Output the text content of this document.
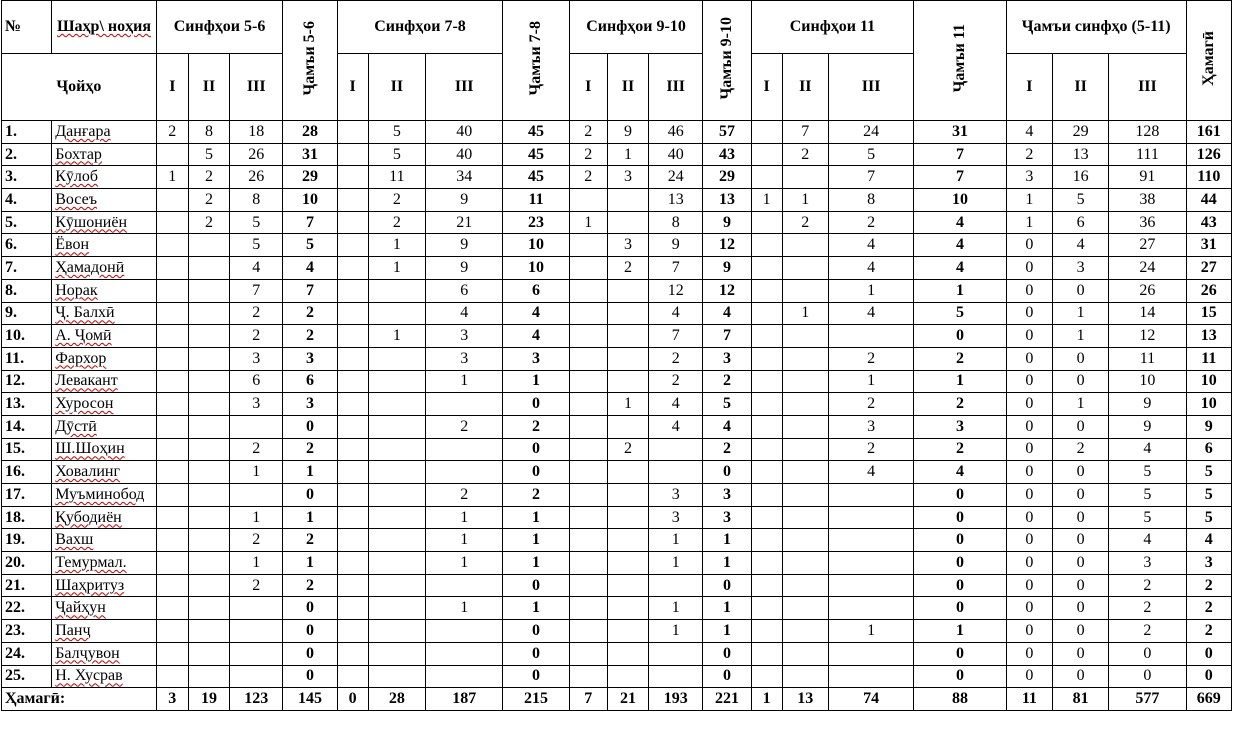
№	Шаҳр\ ноҳия	Синфҳои 5-6			Ҷамъи 5-6	Синфҳои 7-8			Ҷамъи 7-8	Синфҳои 9-10			Ҷамъи 9-10	Синфҳои 11			Ҷамъи 11	Ҷамъи синфҳо (5-11)			Ҳамагӣ
Ҷойҳо		I	II	III		I	II	III		I	II	III		I	II	III		I	II	III	
1.	Данғара	2	8	18	28		5	40	45	2	9	46	57		7	24	31	4	29	128	161
2.	Бохтар		5	26	31		5	40	45	2	1	40	43		2	5	7	2	13	111	126
3.	Кӯлоб	1	2	26	29		11	34	45	2	3	24	29			7	7	3	16	91	110
4.	Восеъ		2	8	10		2	9	11			13	13	1	1	8	10	1	5	38	44
5.	Кӯшониён		2	5	7		2	21	23	1		8	9		2	2	4	1	6	36	43
6.	Ёвон			5	5		1	9	10		3	9	12			4	4	0	4	27	31
7.	Ҳамадонӣ			4	4		1	9	10		2	7	9			4	4	0	3	24	27
8.	Норак			7	7			6	6			12	12			1	1	0	0	26	26
9.	Ҷ. Балхӣ			2	2			4	4			4	4		1	4	5	0	1	14	15
10.	А. Ҷомӣ			2	2		1	3	4			7	7				0	0	1	12	13
11.	Фархор			3	3			3	3			2	3			2	2	0	0	11	11
12.	Левакант			6	6			1	1			2	2			1	1	0	0	10	10
13.	Хуросон			3	3				0		1	4	5			2	2	0	1	9	10
14.	Дӯстӣ				0			2	2			4	4			3	3	0	0	9	9
15.	Ш.Шоҳин			2	2				0		2		2			2	2	0	2	4	6
16.	Ховалинг			1	1				0				0			4	4	0	0	5	5
17.	Муъминобод				0			2	2			3	3				0	0	0	5	5
18.	Қубодиён			1	1			1	1			3	3				0	0	0	5	5
19.	Вахш			2	2			1	1			1	1				0	0	0	4	4
20.	Темурмал.			1	1			1	1			1	1				0	0	0	3	3
21.	Шаҳритуз			2	2				0				0				0	0	0	2	2
22.	Ҷайҳун				0			1	1			1	1				0	0	0	2	2
23.	Панҷ				0				0			1	1			1	1	0	0	2	2
24.	Балҷувон				0				0				0				0	0	0	0	0
25.	Н. Хусрав				0				0				0				0	0	0	0	0
Ҳамагӣ:		3	19	123	145	0	28	187	215	7	21	193	221	1	13	74	88	11	81	577	669
